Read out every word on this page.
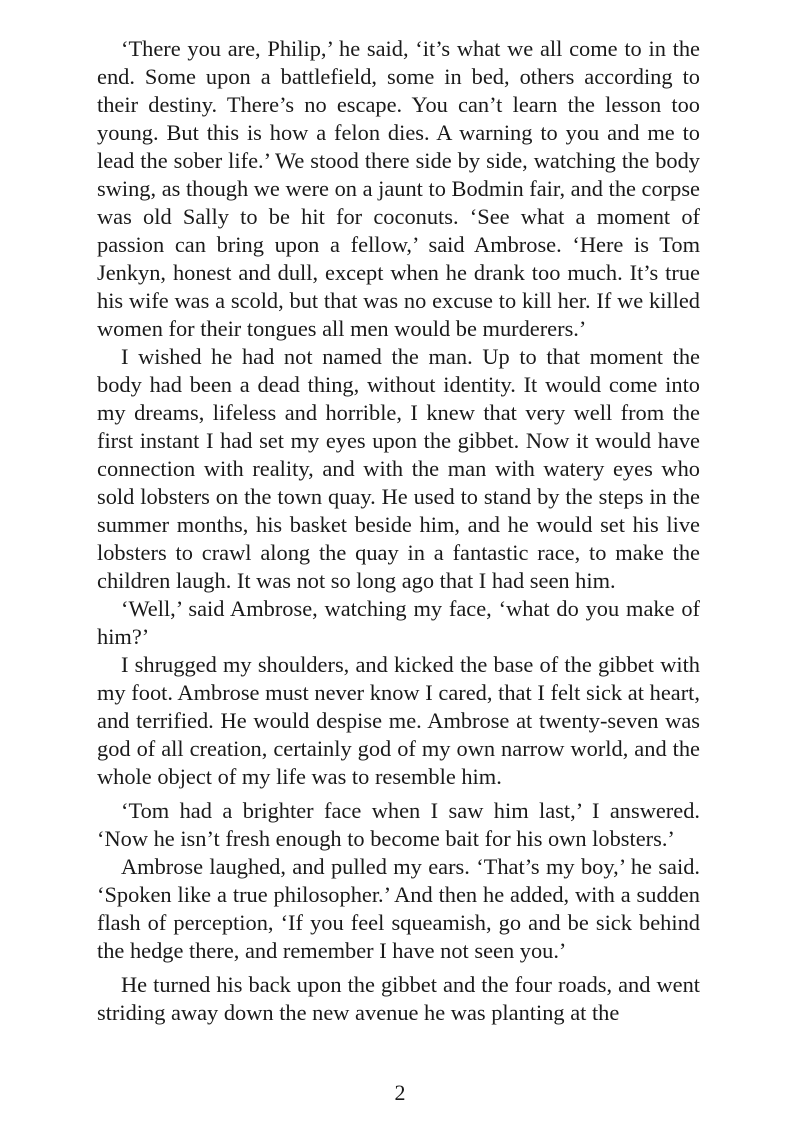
‘There you are, Philip,’ he said, ‘it’s what we all come to in the end. Some upon a battlefield, some in bed, others according to their destiny. There’s no escape. You can’t learn the lesson too young. But this is how a felon dies. A warning to you and me to lead the sober life.’ We stood there side by side, watching the body swing, as though we were on a jaunt to Bodmin fair, and the corpse was old Sally to be hit for coconuts. ‘See what a moment of passion can bring upon a fellow,’ said Ambrose. ‘Here is Tom Jenkyn, honest and dull, except when he drank too much. It’s true his wife was a scold, but that was no excuse to kill her. If we killed women for their tongues all men would be murderers.’

I wished he had not named the man. Up to that moment the body had been a dead thing, without identity. It would come into my dreams, lifeless and horrible, I knew that very well from the first instant I had set my eyes upon the gibbet. Now it would have connection with reality, and with the man with watery eyes who sold lobsters on the town quay. He used to stand by the steps in the summer months, his basket beside him, and he would set his live lobsters to crawl along the quay in a fantastic race, to make the children laugh. It was not so long ago that I had seen him.

‘Well,’ said Ambrose, watching my face, ‘what do you make of him?’

I shrugged my shoulders, and kicked the base of the gibbet with my foot. Ambrose must never know I cared, that I felt sick at heart, and terrified. He would despise me. Ambrose at twenty-seven was god of all creation, certainly god of my own narrow world, and the whole object of my life was to resemble him.

‘Tom had a brighter face when I saw him last,’ I answered. ‘Now he isn’t fresh enough to become bait for his own lobsters.’

Ambrose laughed, and pulled my ears. ‘That’s my boy,’ he said. ‘Spoken like a true philosopher.’ And then he added, with a sudden flash of perception, ‘If you feel squeamish, go and be sick behind the hedge there, and remember I have not seen you.’

He turned his back upon the gibbet and the four roads, and went striding away down the new avenue he was planting at the

2
